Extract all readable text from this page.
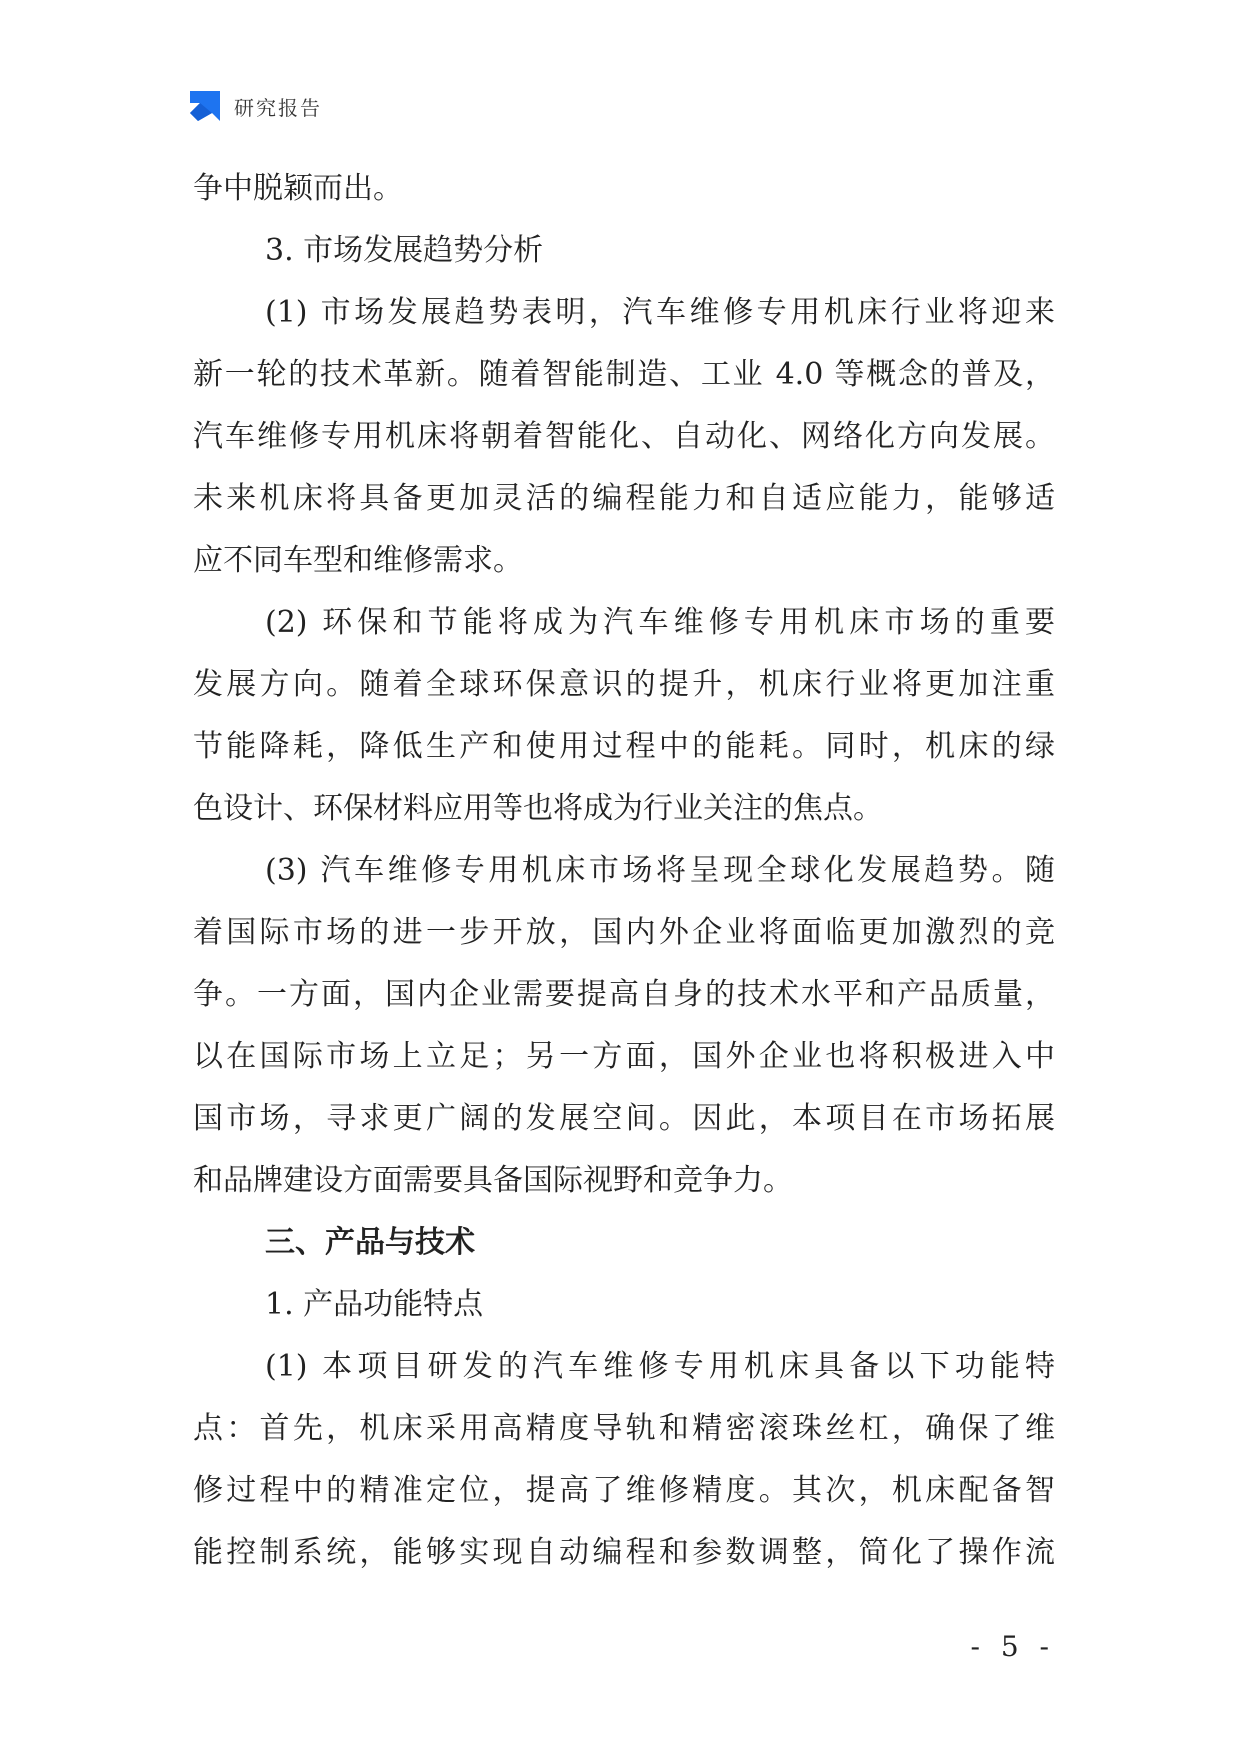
研究报告
争中脱颖而出。
3. 市场发展趋势分析
(1) 市场发展趋势表明，汽车维修专用机床行业将迎来
新一轮的技术革新。随着智能制造、工业 4.0 等概念的普及，
汽车维修专用机床将朝着智能化、自动化、网络化方向发展。
未来机床将具备更加灵活的编程能力和自适应能力，能够适
应不同车型和维修需求。
(2) 环保和节能将成为汽车维修专用机床市场的重要
发展方向。随着全球环保意识的提升，机床行业将更加注重
节能降耗，降低生产和使用过程中的能耗。同时，机床的绿
色设计、环保材料应用等也将成为行业关注的焦点。
(3) 汽车维修专用机床市场将呈现全球化发展趋势。随
着国际市场的进一步开放，国内外企业将面临更加激烈的竞
争。一方面，国内企业需要提高自身的技术水平和产品质量，
以在国际市场上立足；另一方面，国外企业也将积极进入中
国市场，寻求更广阔的发展空间。因此，本项目在市场拓展
和品牌建设方面需要具备国际视野和竞争力。
三、产品与技术
1. 产品功能特点
(1) 本项目研发的汽车维修专用机床具备以下功能特
点：首先，机床采用高精度导轨和精密滚珠丝杠，确保了维
修过程中的精准定位，提高了维修精度。其次，机床配备智
能控制系统，能够实现自动编程和参数调整，简化了操作流
- 5 -
